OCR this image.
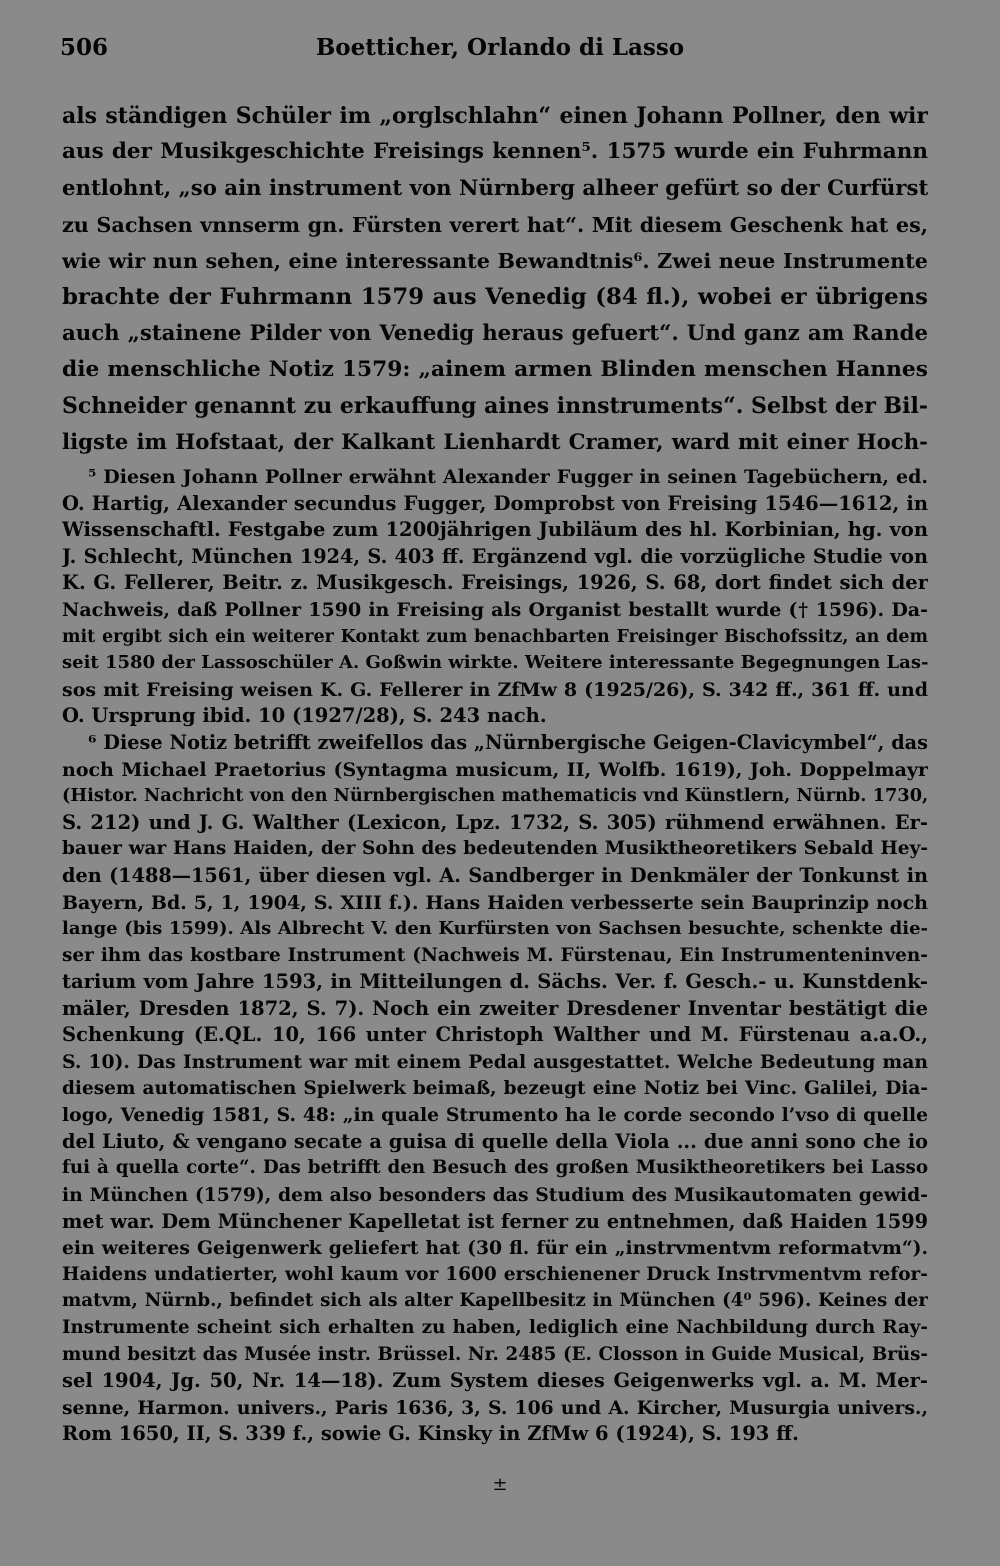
506	Boetticher, Orlando di Lasso
als ständigen Schüler im „orglschlahn“ einen Johann Pollner, den wir
aus der Musikgeschichte Freisings kennen⁵. 1575 wurde ein Fuhrmann
entlohnt, „so ain instrument von Nürnberg alheer gefürt so der Curfürst
zu Sachsen vnnserm gn. Fürsten verert hat“. Mit diesem Geschenk hat es,
wie wir nun sehen, eine interessante Bewandtnis⁶. Zwei neue Instrumente
brachte der Fuhrmann 1579 aus Venedig (84 fl.), wobei er übrigens
auch „stainene Pilder von Venedig heraus gefuert“. Und ganz am Rande
die menschliche Notiz 1579: „ainem armen Blinden menschen Hannes
Schneider genannt zu erkauffung aines innstruments“. Selbst der Bil-
ligste im Hofstaat, der Kalkant Lienhardt Cramer, ward mit einer Hoch-
⁵ Diesen Johann Pollner erwähnt Alexander Fugger in seinen Tagebüchern, ed.
O. Hartig, Alexander secundus Fugger, Domprobst von Freising 1546—1612, in
Wissenschaftl. Festgabe zum 1200jährigen Jubiläum des hl. Korbinian, hg. von
J. Schlecht, München 1924, S. 403 ff. Ergänzend vgl. die vorzügliche Studie von
K. G. Fellerer, Beitr. z. Musikgesch. Freisings, 1926, S. 68, dort findet sich der
Nachweis, daß Pollner 1590 in Freising als Organist bestallt wurde († 1596). Da-
mit ergibt sich ein weiterer Kontakt zum benachbarten Freisinger Bischofssitz, an dem
seit 1580 der Lassoschüler A. Goßwin wirkte. Weitere interessante Begegnungen Las-
sos mit Freising weisen K. G. Fellerer in ZfMw 8 (1925/26), S. 342 ff., 361 ff. und
O. Ursprung ibid. 10 (1927/28), S. 243 nach.
⁶ Diese Notiz betrifft zweifellos das „Nürnbergische Geigen-Clavicymbel“, das
noch Michael Praetorius (Syntagma musicum, II, Wolfb. 1619), Joh. Doppelmayr
(Histor. Nachricht von den Nürnbergischen mathematicis vnd Künstlern, Nürnb. 1730,
S. 212) und J. G. Walther (Lexicon, Lpz. 1732, S. 305) rühmend erwähnen. Er-
bauer war Hans Haiden, der Sohn des bedeutenden Musiktheoretikers Sebald Hey-
den (1488—1561, über diesen vgl. A. Sandberger in Denkmäler der Tonkunst in
Bayern, Bd. 5, 1, 1904, S. XIII f.). Hans Haiden verbesserte sein Bauprinzip noch
lange (bis 1599). Als Albrecht V. den Kurfürsten von Sachsen besuchte, schenkte die-
ser ihm das kostbare Instrument (Nachweis M. Fürstenau, Ein Instrumenteninven-
tarium vom Jahre 1593, in Mitteilungen d. Sächs. Ver. f. Gesch.- u. Kunstdenk-
mäler, Dresden 1872, S. 7). Noch ein zweiter Dresdener Inventar bestätigt die
Schenkung (E.QL. 10, 166 unter Christoph Walther und M. Fürstenau a.a.O.,
S. 10). Das Instrument war mit einem Pedal ausgestattet. Welche Bedeutung man
diesem automatischen Spielwerk beimaß, bezeugt eine Notiz bei Vinc. Galilei, Dia-
logo, Venedig 1581, S. 48: „in quale Strumento ha le corde secondo l’vso di quelle
del Liuto, & vengano secate a guisa di quelle della Viola ... due anni sono che io
fui à quella corte“. Das betrifft den Besuch des großen Musiktheoretikers bei Lasso
in München (1579), dem also besonders das Studium des Musikautomaten gewid-
met war. Dem Münchener Kapelletat ist ferner zu entnehmen, daß Haiden 1599
ein weiteres Geigenwerk geliefert hat (30 fl. für ein „instrvmentvm reformatvm“).
Haidens undatierter, wohl kaum vor 1600 erschienener Druck Instrvmentvm refor-
matvm, Nürnb., befindet sich als alter Kapellbesitz in München (4⁰ 596). Keines der
Instrumente scheint sich erhalten zu haben, lediglich eine Nachbildung durch Ray-
mund besitzt das Musée instr. Brüssel. Nr. 2485 (E. Closson in Guide Musical, Brüs-
sel 1904, Jg. 50, Nr. 14—18). Zum System dieses Geigenwerks vgl. a. M. Mer-
senne, Harmon. univers., Paris 1636, 3, S. 106 und A. Kircher, Musurgia univers.,
Rom 1650, II, S. 339 f., sowie G. Kinsky in ZfMw 6 (1924), S. 193 ff.
±
